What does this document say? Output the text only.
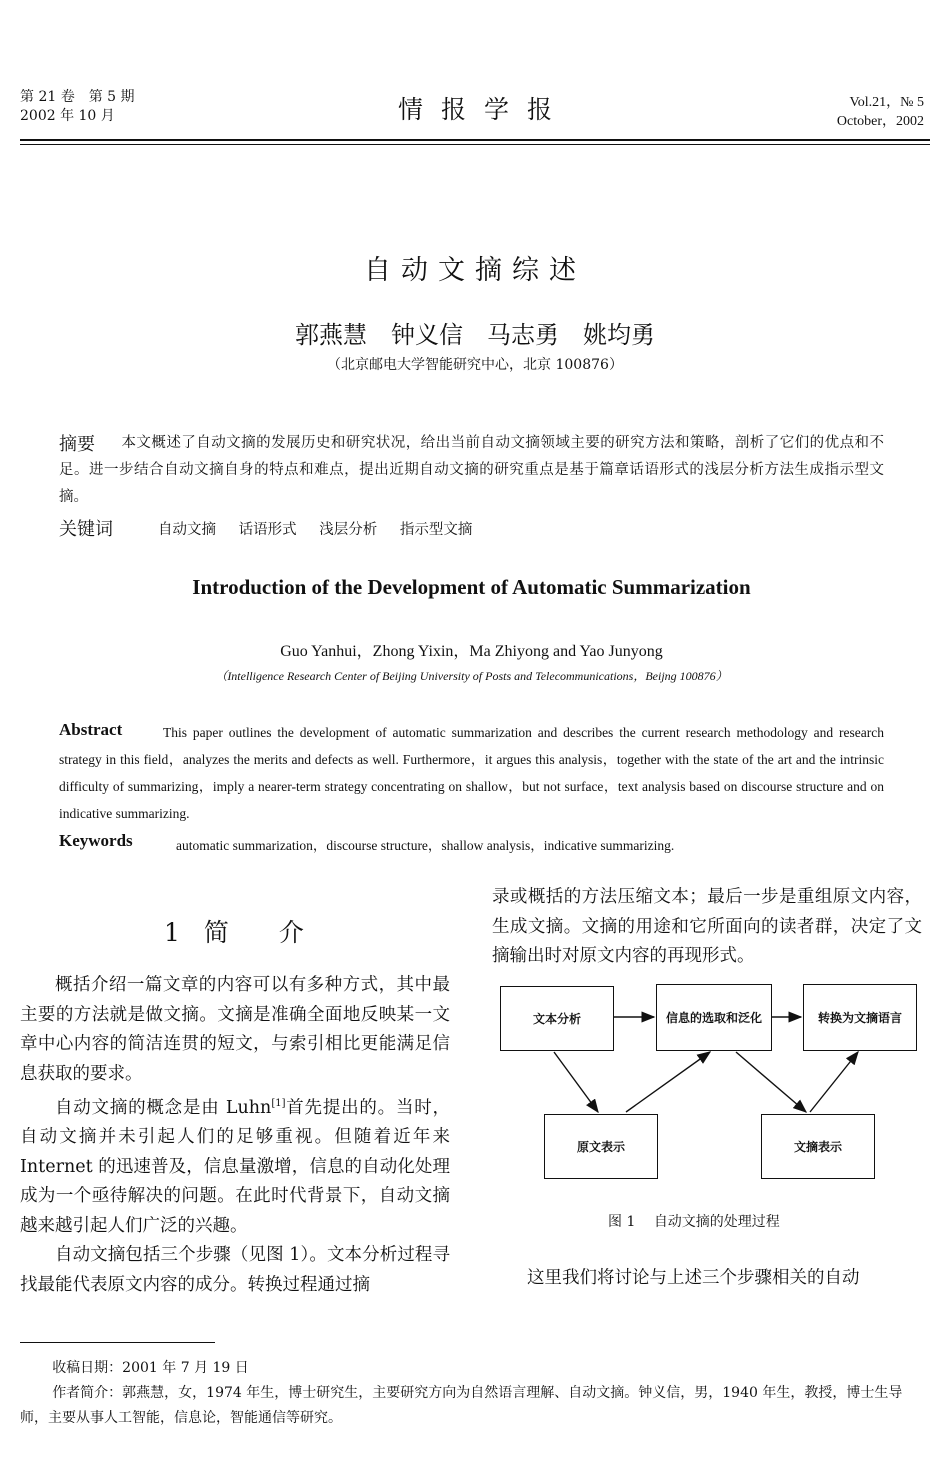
第 21 卷　第 5 期
2002 年 10 月	情报学报	Vol.21，№ 5
October，2002
自动文摘综述
郭燕慧　钟义信　马志勇　姚均勇
（北京邮电大学智能研究中心，北京 100876）
摘要	本文概述了自动文摘的发展历史和研究状况，给出当前自动文摘领域主要的研究方法和策略，剖析了它们的优点和不足。进一步结合自动文摘自身的特点和难点，提出近期自动文摘的研究重点是基于篇章话语形式的浅层分析方法生成指示型文摘。
关键词	自动文摘 话语形式 浅层分析 指示型文摘
Introduction of the Development of Automatic Summarization
Guo Yanhui，Zhong Yixin，Ma Zhiyong and Yao Junyong
（Intelligence Research Center of Beijing University of Posts and Telecommunications，Beijng 100876）
Abstract	This paper outlines the development of automatic summarization and describes the current research methodology and research strategy in this field，analyzes the merits and defects as well. Furthermore，it argues this analysis，together with the state of the art and the intrinsic difficulty of summarizing，imply a nearer-term strategy concentrating on shallow，but not surface，text analysis based on discourse structure and on indicative summarizing.
Keywords	automatic summarization，discourse structure，shallow analysis，indicative summarizing.
1 简　　介

概括介绍一篇文章的内容可以有多种方式，其中最主要的方法就是做文摘。文摘是准确全面地反映某一文章中心内容的简洁连贯的短文，与索引相比更能满足信息获取的要求。

自动文摘的概念是由 Luhn[1]首先提出的。当时，自动文摘并未引起人们的足够重视。但随着近年来 Internet 的迅速普及，信息量激增，信息的自动化处理成为一个亟待解决的问题。在此时代背景下，自动文摘越来越引起人们广泛的兴趣。

自动文摘包括三个步骤（见图 1）。文本分析过程寻找最能代表原文内容的成分。转换过程通过摘

录或概括的方法压缩文本；最后一步是重组原文内容，生成文摘。文摘的用途和它所面向的读者群，决定了文摘输出时对原文内容的再现形式。
文本分析	信息的选取和泛化	转换为文摘语言
原文表示	文摘表示
图 1 自动文摘的处理过程
这里我们将讨论与上述三个步骤相关的自动
收稿日期：2001 年 7 月 19 日
作者简介：郭燕慧，女，1974 年生，博士研究生，主要研究方向为自然语言理解、自动文摘。钟义信，男，1940 年生，教授，博士生导师，主要从事人工智能，信息论，智能通信等研究。
